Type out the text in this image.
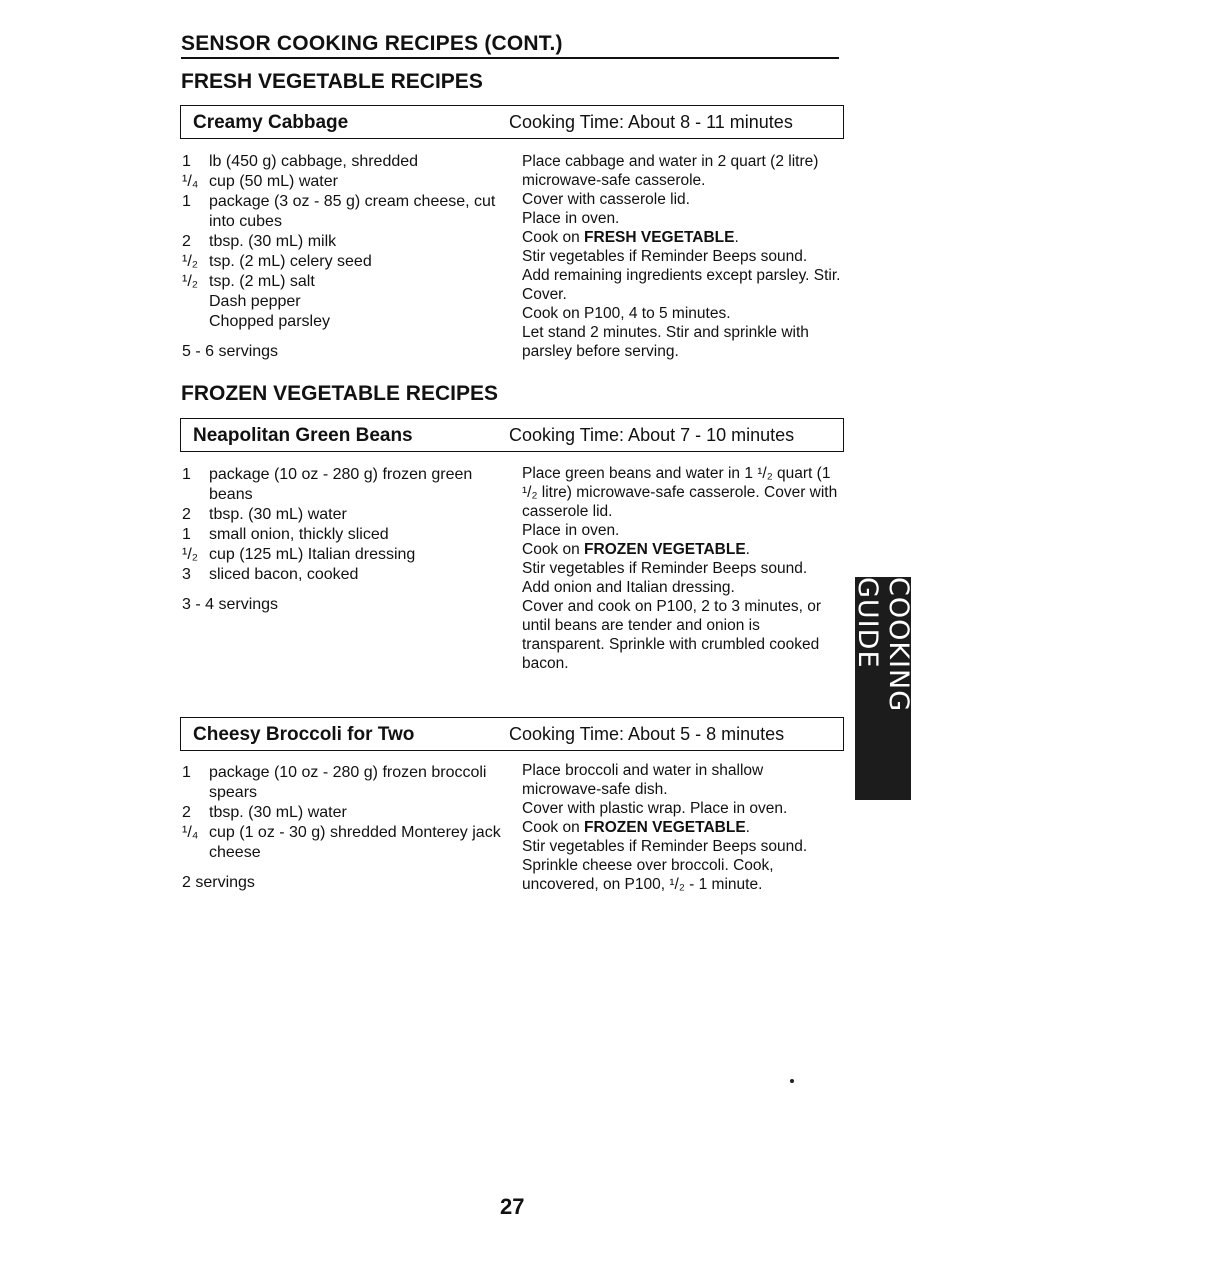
SENSOR COOKING RECIPES (CONT.)
FRESH VEGETABLE RECIPES
Creamy Cabbage	Cooking Time: About 8 - 11 minutes
1	lb (450 g) cabbage, shredded
¹/₄ cup (50 mL) water
1	package (3 oz - 85 g) cream cheese, cut into cubes
2	tbsp. (30 mL) milk
¹/₂ tsp. (2 mL) celery seed
¹/₂ tsp. (2 mL) salt
Dash pepper
Chopped parsley
5 - 6 servings
Place cabbage and water in 2 quart (2 litre) microwave-safe casserole.
Cover with casserole lid.
Place in oven.
Cook on FRESH VEGETABLE.
Stir vegetables if Reminder Beeps sound.
Add remaining ingredients except parsley. Stir. Cover.
Cook on P100, 4 to 5 minutes.
Let stand 2 minutes. Stir and sprinkle with parsley before serving.
FROZEN VEGETABLE RECIPES
Neapolitan Green Beans	Cooking Time: About 7 - 10 minutes
1	package (10 oz - 280 g) frozen green beans
2	tbsp. (30 mL) water
1	small onion, thickly sliced
¹/₂ cup (125 mL) Italian dressing
3	sliced bacon, cooked
3 - 4 servings
Place green beans and water in 1 ¹/₂ quart (1 ¹/₂ litre) microwave-safe casserole. Cover with casserole lid.
Place in oven.
Cook on FROZEN VEGETABLE.
Stir vegetables if Reminder Beeps sound.
Add onion and Italian dressing.
Cover and cook on P100, 2 to 3 minutes, or until beans are tender and onion is transparent. Sprinkle with crumbled cooked bacon.
Cheesy Broccoli for Two	Cooking Time: About 5 - 8 minutes
1	package (10 oz - 280 g) frozen broccoli spears
2	tbsp. (30 mL) water
¹/₄ cup (1 oz - 30 g) shredded Monterey jack cheese
2 servings
Place broccoli and water in shallow microwave-safe dish.
Cover with plastic wrap. Place in oven.
Cook on FROZEN VEGETABLE.
Stir vegetables if Reminder Beeps sound.
Sprinkle cheese over broccoli. Cook, uncovered, on P100, ¹/₂ - 1 minute.
COOKING GUIDE
27
